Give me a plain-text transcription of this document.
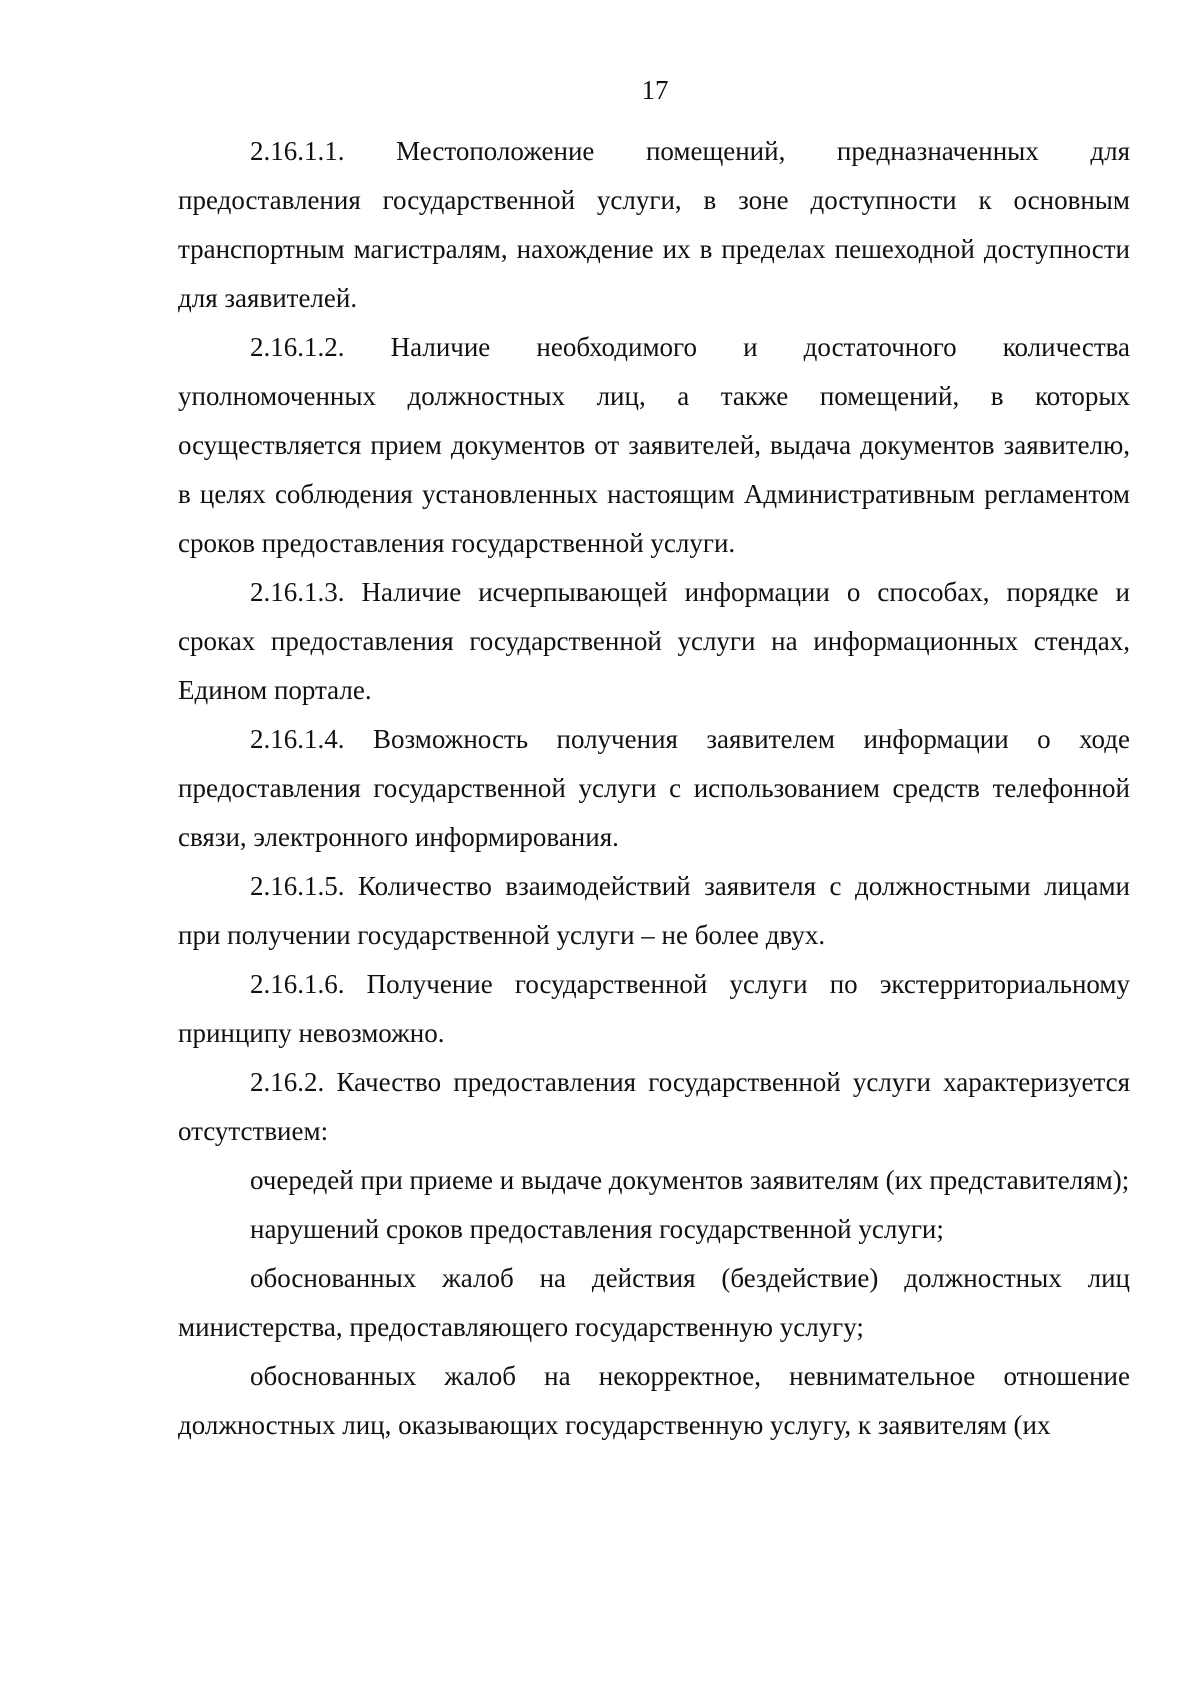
17

2.16.1.1. Местоположение помещений, предназначенных для предоставления государственной услуги, в зоне доступности к основным транспортным магистралям, нахождение их в пределах пешеходной доступности для заявителей.

2.16.1.2. Наличие необходимого и достаточного количества уполномоченных должностных лиц, а также помещений, в которых осуществляется прием документов от заявителей, выдача документов заявителю, в целях соблюдения установленных настоящим Административным регламентом сроков предоставления государственной услуги.

2.16.1.3. Наличие исчерпывающей информации о способах, порядке и сроках предоставления государственной услуги на информационных стендах, Едином портале.

2.16.1.4. Возможность получения заявителем информации о ходе предоставления государственной услуги с использованием средств телефонной связи, электронного информирования.

2.16.1.5. Количество взаимодействий заявителя с должностными лицами при получении государственной услуги – не более двух.

2.16.1.6. Получение государственной услуги по экстерриториальному принципу невозможно.

2.16.2. Качество предоставления государственной услуги характеризуется отсутствием:

очередей при приеме и выдаче документов заявителям (их представителям);

нарушений сроков предоставления государственной услуги;

обоснованных жалоб на действия (бездействие) должностных лиц министерства, предоставляющего государственную услугу;

обоснованных жалоб на некорректное, невнимательное отношение должностных лиц, оказывающих государственную услугу, к заявителям (их
